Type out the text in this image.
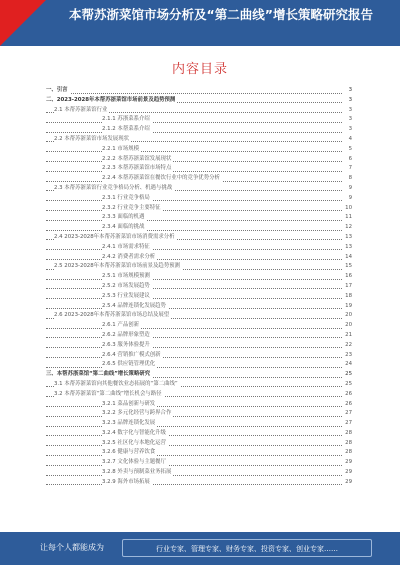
本帮苏浙菜馆市场分析及“第二曲线”增长策略研究报告
内容目录
一、引言	3
二、2023-2028年本帮苏浙菜馆市场前景及趋势预测	3
2.1 本帮苏浙菜馆行业	3
2.1.1 苏浙菜系介绍	3
2.1.2 本帮菜系介绍	3
2.2 本帮苏浙菜馆市场发展现状	4
2.2.1 市场规模	5
2.2.2 本帮苏浙菜馆发展现状	6
2.2.3 本帮苏浙菜馆市场特点	7
2.2.4 本帮苏浙菜馆在餐饮行业中的竞争优势分析	8
2.3 本帮苏浙菜馆行业竞争格局分析、机遇与挑战	9
2.3.1 行业竞争格局	9
2.3.2 行业竞争主要特征	10
2.3.3 面临的机遇	11
2.3.4 面临的挑战	12
2.4 2023-2028年本帮苏浙菜馆市场消费需求分析	13
2.4.1 市场需求特征	13
2.4.2 消费者需求分析	14
2.5 2023-2028年本帮苏浙菜馆市场前景及趋势预测	15
2.5.1 市场规模预测	16
2.5.2 市场发展趋势	17
2.5.3 行业发展建议	18
2.5.4 品牌连锁化发展趋势	19
2.6 2023-2028年本帮苏浙菜馆市场总结及展望	20
2.6.1 产品创新	20
2.6.2 品牌形象塑造	21
2.6.3 服务体验提升	22
2.6.4 营销推广模式创新	23
2.6.5 供应链管理优化	24
三、本帮苏浙菜馆“第二曲线”增长策略研究	25
3.1 本帮苏浙菜馆向其他餐饮业态拓展的“第二曲线”	25
3.2 本帮苏浙菜馆“第二曲线”增长机会与路径	26
3.2.1 菜品创新与研发	26
3.2.2 多元化经营与跨界合作	27
3.2.3 品牌连锁化发展	27
3.2.4 数字化与智能化升级	28
3.2.5 社区化与本地化运营	28
3.2.6 健康与营养饮食	28
3.2.7 文化体验与主题餐厅	29
3.2.8 外卖与预制菜业务拓展	29
3.2.9 海外市场拓展	29
让每个人都能成为	行业专家、管理专家、财务专家、投资专家、创业专家……
